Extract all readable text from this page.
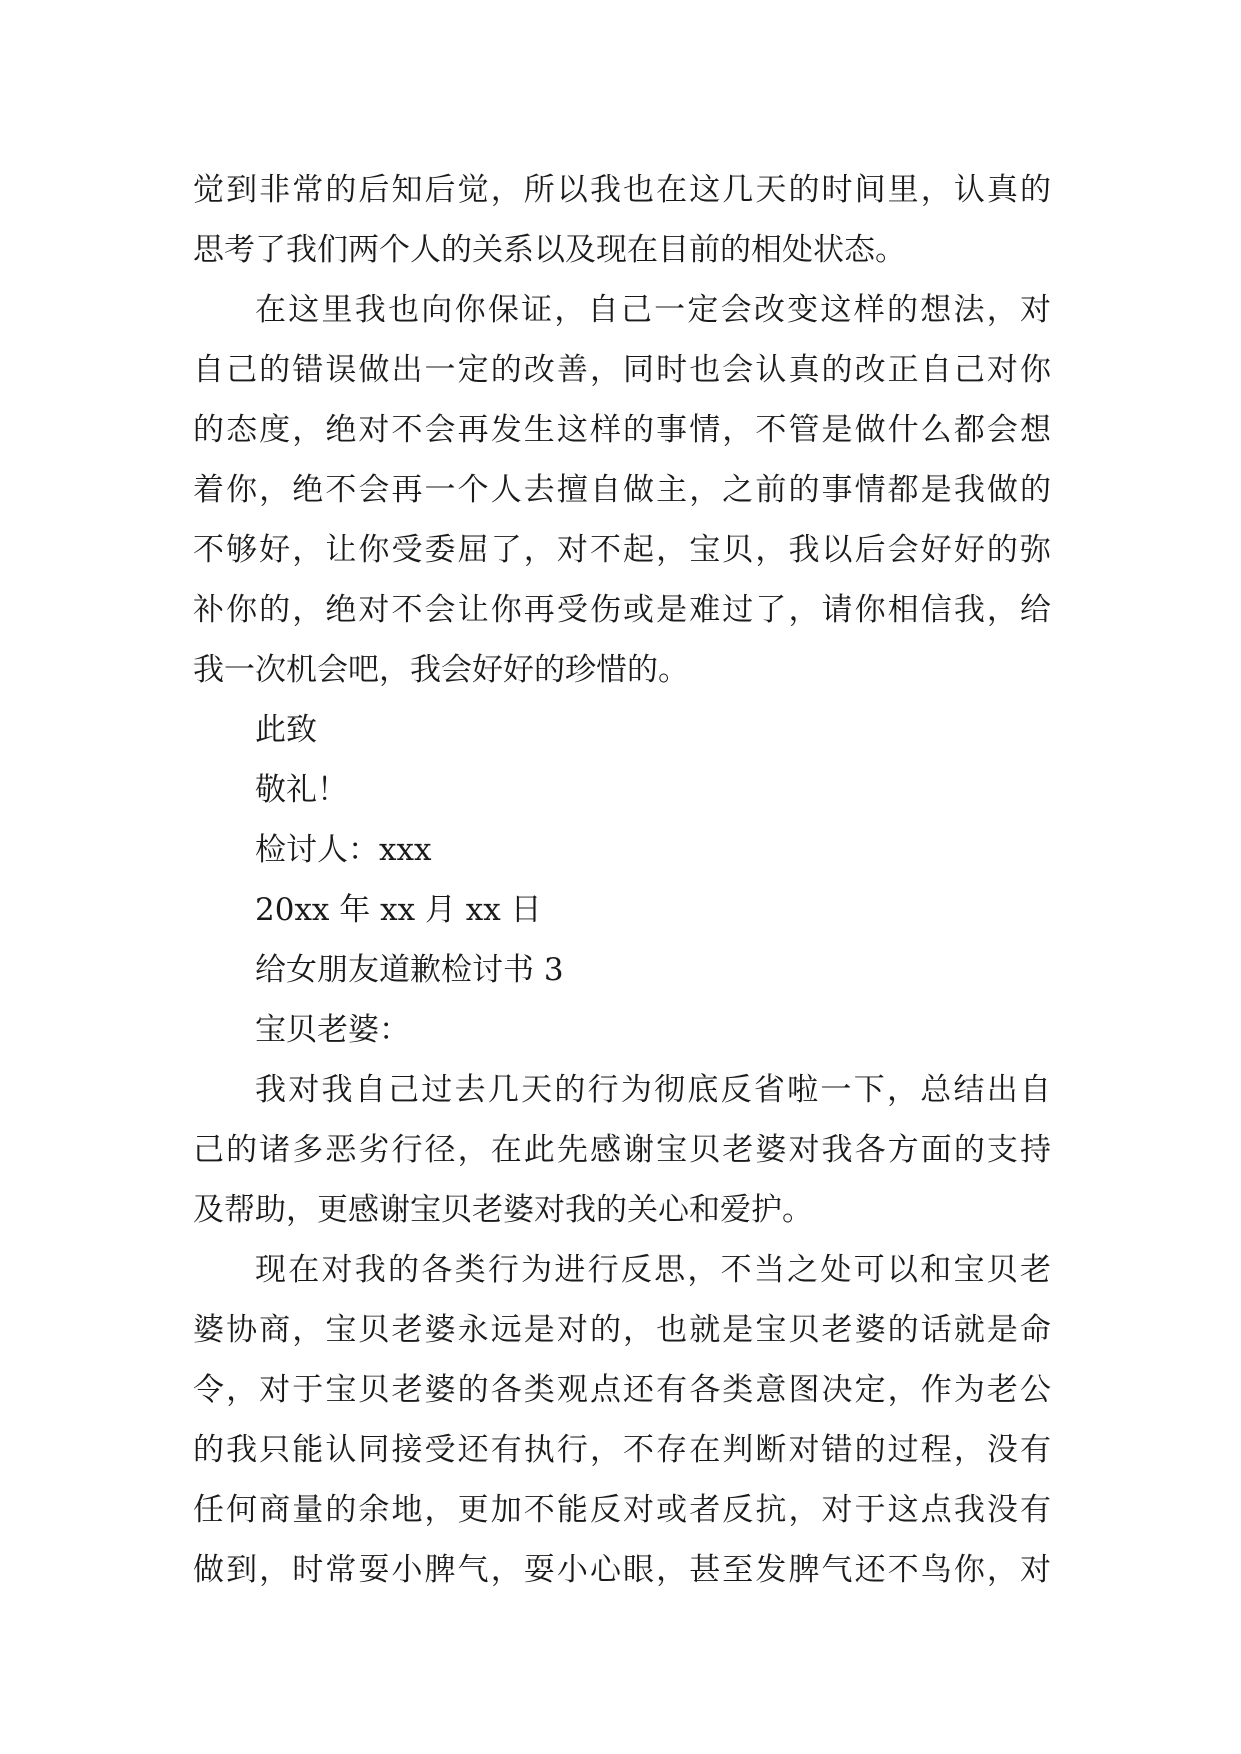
觉到非常的后知后觉，所以我也在这几天的时间里，认真的
思考了我们两个人的关系以及现在目前的相处状态。
在这里我也向你保证，自己一定会改变这样的想法，对
自己的错误做出一定的改善，同时也会认真的改正自己对你
的态度，绝对不会再发生这样的事情，不管是做什么都会想
着你，绝不会再一个人去擅自做主，之前的事情都是我做的
不够好，让你受委屈了，对不起，宝贝，我以后会好好的弥
补你的，绝对不会让你再受伤或是难过了，请你相信我，给
我一次机会吧，我会好好的珍惜的。
此致
敬礼！
检讨人：xxx
20xx 年 xx 月 xx 日
给女朋友道歉检讨书 3
宝贝老婆：
我对我自己过去几天的行为彻底反省啦一下，总结出自
己的诸多恶劣行径，在此先感谢宝贝老婆对我各方面的支持
及帮助，更感谢宝贝老婆对我的关心和爱护。
现在对我的各类行为进行反思，不当之处可以和宝贝老
婆协商，宝贝老婆永远是对的，也就是宝贝老婆的话就是命
令，对于宝贝老婆的各类观点还有各类意图决定，作为老公
的我只能认同接受还有执行，不存在判断对错的过程，没有
任何商量的余地，更加不能反对或者反抗，对于这点我没有
做到，时常耍小脾气，耍小心眼，甚至发脾气还不鸟你，对
